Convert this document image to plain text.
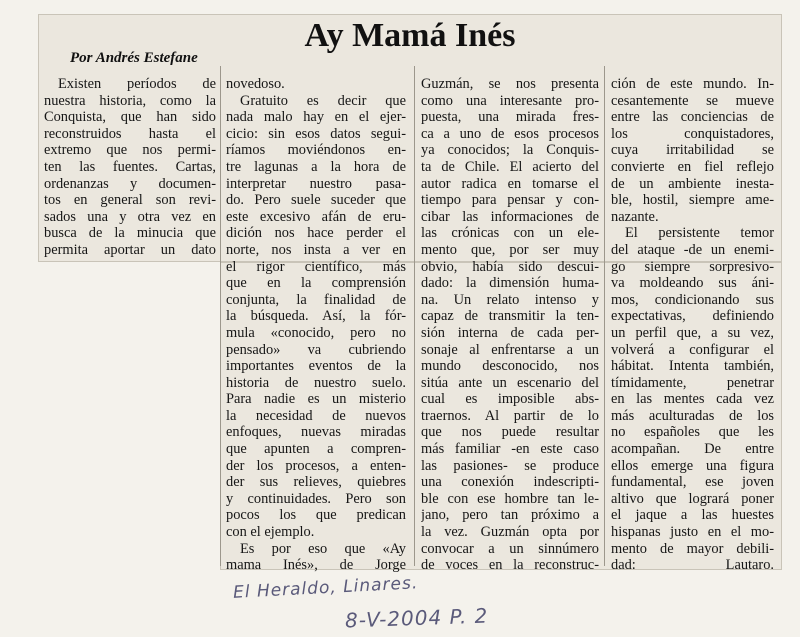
Ay Mamá Inés
Por Andrés Estefane
Existen períodos de
nuestra historia, como la
Conquista, que han sido
reconstruidos hasta el
extremo que nos permi-
ten las fuentes. Cartas,
ordenanzas y documen-
tos en general son revi-
sados una y otra vez en
busca de la minucia que
permita aportar un dato
novedoso.
Gratuito es decir que
nada malo hay en el ejer-
cicio: sin esos datos segui-
ríamos moviéndonos en-
tre lagunas a la hora de
interpretar nuestro pasa-
do. Pero suele suceder que
este excesivo afán de eru-
dición nos hace perder el
norte, nos insta a ver en
el rigor científico, más
que en la comprensión
conjunta, la finalidad de
la búsqueda. Así, la fór-
mula «conocido, pero no
pensado» va cubriendo
importantes eventos de la
historia de nuestro suelo.
Para nadie es un misterio
la necesidad de nuevos
enfoques, nuevas miradas
que apunten a compren-
der los procesos, a enten-
der sus relieves, quiebres
y continuidades. Pero son
pocos los que predican
con el ejemplo.
Es por eso que «Ay
mama Inés», de Jorge
Guzmán, se nos presenta
como una interesante pro-
puesta, una mirada fres-
ca a uno de esos procesos
ya conocidos; la Conquis-
ta de Chile. El acierto del
autor radica en tomarse el
tiempo para pensar y con-
cibar las informaciones de
las crónicas con un ele-
mento que, por ser muy
obvio, había sido descui-
dado: la dimensión huma-
na. Un relato intenso y
capaz de transmitir la ten-
sión interna de cada per-
sonaje al enfrentarse a un
mundo desconocido, nos
sitúa ante un escenario del
cual es imposible abs-
traernos. Al partir de lo
que nos puede resultar
más familiar -en este caso
las pasiones- se produce
una conexión indescripti-
ble con ese hombre tan le-
jano, pero tan próximo a
la vez. Guzmán opta por
convocar a un sinnúmero
de voces en la reconstruc-
ción de este mundo. In-
cesantemente se mueve
entre las conciencias de
los conquistadores,
cuya irritabilidad se
convierte en fiel reflejo
de un ambiente inesta-
ble, hostil, siempre ame-
nazante.
El persistente temor
del ataque -de un enemi-
go siempre sorpresivo-
va moldeando sus áni-
mos, condicionando sus
expectativas, definiendo
un perfil que, a su vez,
volverá a configurar el
hábitat. Intenta también,
tímidamente, penetrar
en las mentes cada vez
más aculturadas de los
no españoles que les
acompañan. De entre
ellos emerge una figura
fundamental, ese joven
altivo que logrará poner
el jaque a las huestes
hispanas justo en el mo-
mento de mayor debili-
dad: Lautaro.
El Heraldo, Linares.
8-V-2004 P. 2
